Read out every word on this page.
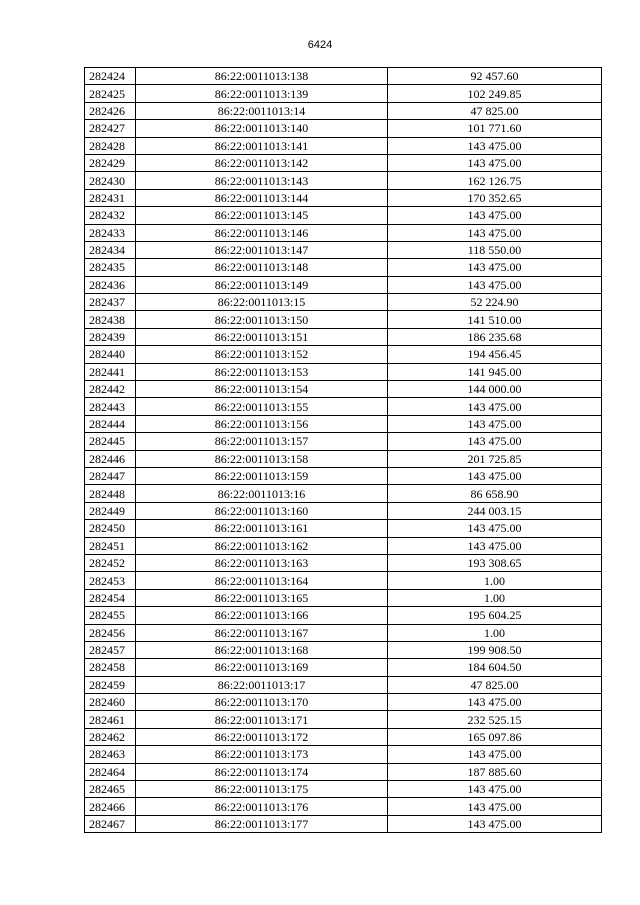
6424
282424	86:22:0011013:138	92 457.60
282425	86:22:0011013:139	102 249.85
282426	86:22:0011013:14	47 825.00
282427	86:22:0011013:140	101 771.60
282428	86:22:0011013:141	143 475.00
282429	86:22:0011013:142	143 475.00
282430	86:22:0011013:143	162 126.75
282431	86:22:0011013:144	170 352.65
282432	86:22:0011013:145	143 475.00
282433	86:22:0011013:146	143 475.00
282434	86:22:0011013:147	118 550.00
282435	86:22:0011013:148	143 475.00
282436	86:22:0011013:149	143 475.00
282437	86:22:0011013:15	52 224.90
282438	86:22:0011013:150	141 510.00
282439	86:22:0011013:151	186 235.68
282440	86:22:0011013:152	194 456.45
282441	86:22:0011013:153	141 945.00
282442	86:22:0011013:154	144 000.00
282443	86:22:0011013:155	143 475.00
282444	86:22:0011013:156	143 475.00
282445	86:22:0011013:157	143 475.00
282446	86:22:0011013:158	201 725.85
282447	86:22:0011013:159	143 475.00
282448	86:22:0011013:16	86 658.90
282449	86:22:0011013:160	244 003.15
282450	86:22:0011013:161	143 475.00
282451	86:22:0011013:162	143 475.00
282452	86:22:0011013:163	193 308.65
282453	86:22:0011013:164	1.00
282454	86:22:0011013:165	1.00
282455	86:22:0011013:166	195 604.25
282456	86:22:0011013:167	1.00
282457	86:22:0011013:168	199 908.50
282458	86:22:0011013:169	184 604.50
282459	86:22:0011013:17	47 825.00
282460	86:22:0011013:170	143 475.00
282461	86:22:0011013:171	232 525.15
282462	86:22:0011013:172	165 097.86
282463	86:22:0011013:173	143 475.00
282464	86:22:0011013:174	187 885.60
282465	86:22:0011013:175	143 475.00
282466	86:22:0011013:176	143 475.00
282467	86:22:0011013:177	143 475.00
